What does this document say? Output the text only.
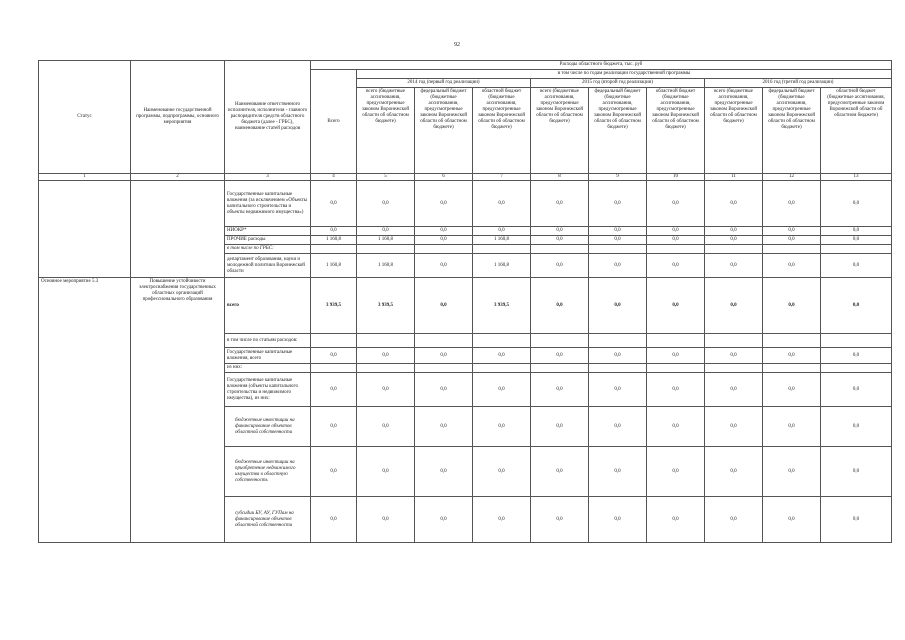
92
Статус	Наименование государственной программы, подпрограммы, основного мероприятия	Наименование ответственного исполнителя, исполнителя - главного распорядителя средств областного бюджета (далее - ГРБС), наименование статей расходов	Расходы областного бюджета, тыс. руб									
			Всего	в том числе по годам реализации государственной программы								
				2014 год (первый год реализации)			2015 год (второй год реализации)			2016 год (третий год реализации)		
				всего (бюджетные ассигнования, предусмотренные законом Воронежской области об областном бюджете)	федеральный бюджет (бюджетные ассигнования, предусмотренные законом Воронежской области об областном бюджете)	областной бюджет (бюджетные ассигнования, предусмотренные законом Воронежской области об областном бюджете)	всего (бюджетные ассигнования, предусмотренные законом Воронежской области об областном бюджете)	федеральный бюджет (бюджетные ассигнования, предусмотренные законом Воронежской области об областном бюджете)	областной бюджет (бюджетные ассигнования, предусмотренные законом Воронежской области об областном бюджете)	всего (бюджетные ассигнования, предусмотренные законом Воронежской области об областном бюджете)	федеральный бюджет (бюджетные ассигнования, предусмотренные законом Воронежской области об областном бюджете)	областной бюджет (бюджетные ассигнования, предусмотренные законом Воронежской области об областном бюджете)
1	2	3	4	5	6	7	8	9	10	11	12	13
		Государственные капитальные вложения (за исключением «Объекты капитального строительства и объекты недвижимого имущества»)	0,0	0,0	0,0	0,0	0,0	0,0	0,0	0,0	0,0	0,0
		НИОКР*	0,0	0,0	0,0	0,0	0,0	0,0	0,0	0,0	0,0	0,0
		ПРОЧИЕ расходы	1 160,8	1 160,8	0,0	1 160,8	0,0	0,0	0,0	0,0	0,0	0,0
		в том числе по ГРБС:										
		департамент образования, науки и молодежной политики Воронежской области	1 160,8	1 160,8	0,0	1 160,8	0,0	0,0	0,0	0,0	0,0	0,0
Основное мероприятие 5.3	Повышение устойчивости электроснабжения государственных областных организаций профессионального образования	всего	3 939,5	3 939,5	0,0	3 939,5	0,0	0,0	0,0	0,0	0,0	0,0
		в том числе по статьям расходов:										
		Государственные капитальные вложения, всего	0,0	0,0	0,0	0,0	0,0	0,0	0,0	0,0	0,0	0,0
		из них:										
		Государственные капитальные вложения (объекты капитального строительства и недвижимого имущества), из них:	0,0	0,0	0,0	0,0	0,0	0,0	0,0	0,0	0,0	0,0
		бюджетные инвестиции на финансирование объектов областной собственности	0,0	0,0	0,0	0,0	0,0	0,0	0,0	0,0	0,0	0,0
		бюджетные инвестиции на приобретение недвижимого имущества в областную собственность	0,0	0,0	0,0	0,0	0,0	0,0	0,0	0,0	0,0	0,0
		субсидии БУ, АУ, ГУПам на финансирование объектов областной собственности	0,0	0,0	0,0	0,0	0,0	0,0	0,0	0,0	0,0	0,0
